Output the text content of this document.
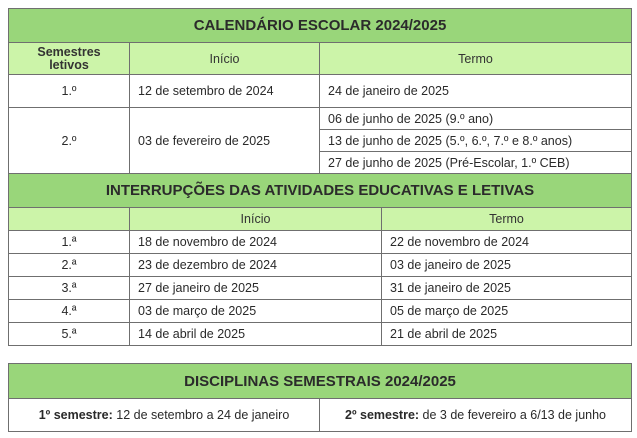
CALENDÁRIO ESCOLAR 2024/2025			
Semestres
letivos	Início	Termo	
1.º	12 de setembro de 2024	24 de janeiro de 2025	
2.º	03 de fevereiro de 2025	06 de junho de 2025 (9.º ano)	
		13 de junho de 2025 (5.º, 6.º, 7.º e 8.º anos)	
		27 de junho de 2025 (Pré-Escolar, 1.º CEB)	
INTERRUPÇÕES DAS ATIVIDADES EDUCATIVAS E LETIVAS			
	Início		Termo
1.ª	18 de novembro de 2024		22 de novembro de 2024
2.ª	23 de dezembro de 2024		03 de janeiro de 2025
3.ª	27 de janeiro de 2025		31 de janeiro de 2025
4.ª	03 de março de 2025		05 de março de 2025
5.ª	14 de abril de 2025		21 de abril de 2025
DISCIPLINAS SEMESTRAIS 2024/2025
1º semestre: 12 de setembro a 24 de janeiro	2º semestre: de 3 de fevereiro a 6/13 de junho
